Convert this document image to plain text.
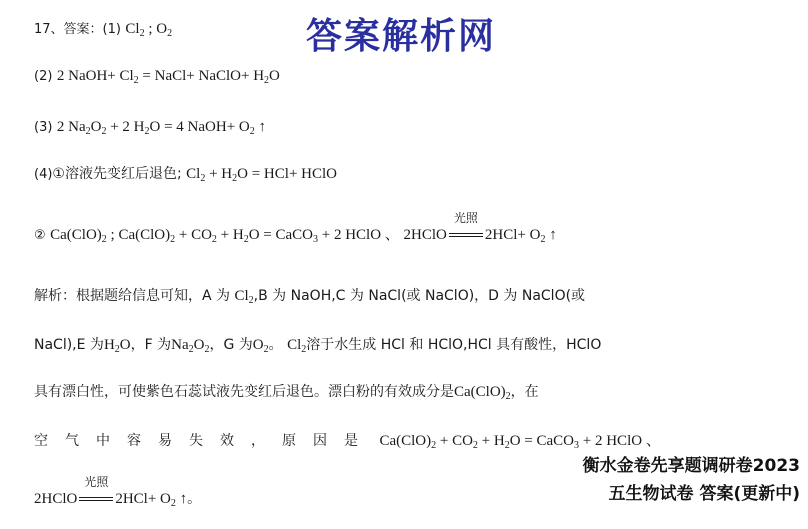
答案解析网
17、答案：(1) $Cl_2$ ; $O_2$
(2) 2 NaOH+ $Cl_2$ = NaCl+ NaClO+ $H_2O$
(3) 2 $Na_2O_2 + 2$ $H_2O = 4$ NaOH+ $O_2$ ↑
(4)①溶液先变红后退色; $Cl_2 + H_2O = HCl+$ HClO
② $Ca(ClO)_2$ ; $Ca(ClO)_2 + CO_2 + H_2O$ = CaCO$_3$ + 2 HClO 、 2HClO
光照
$2HCl+ O_2$ ↑
解析：根据题给信息可知，A 为 $Cl_2,B$ 为 NaOH,C 为 NaCl(或 NaClO)，D 为 NaClO(或
NaCl),E 为$H_2O$，F 为$Na_2O_2$，G 为$O_2$。 $Cl_2$溶于水生成 HCl 和 HClO,HCl 具有酸性，HClO
具有漂白性，可使紫色石蕊试液先变红后退色。漂白粉的有效成分是$Ca(ClO)_2$，在
空气中容易失效，原因是 $Ca(ClO)_2 + CO_2 + H_2O$ = CaCO$_3$ + 2 HClO 、
2HClO
光照
$2HCl+ O_2$ ↑。
衡水金卷先享题调研卷2023
五生物试卷 答案(更新中)
